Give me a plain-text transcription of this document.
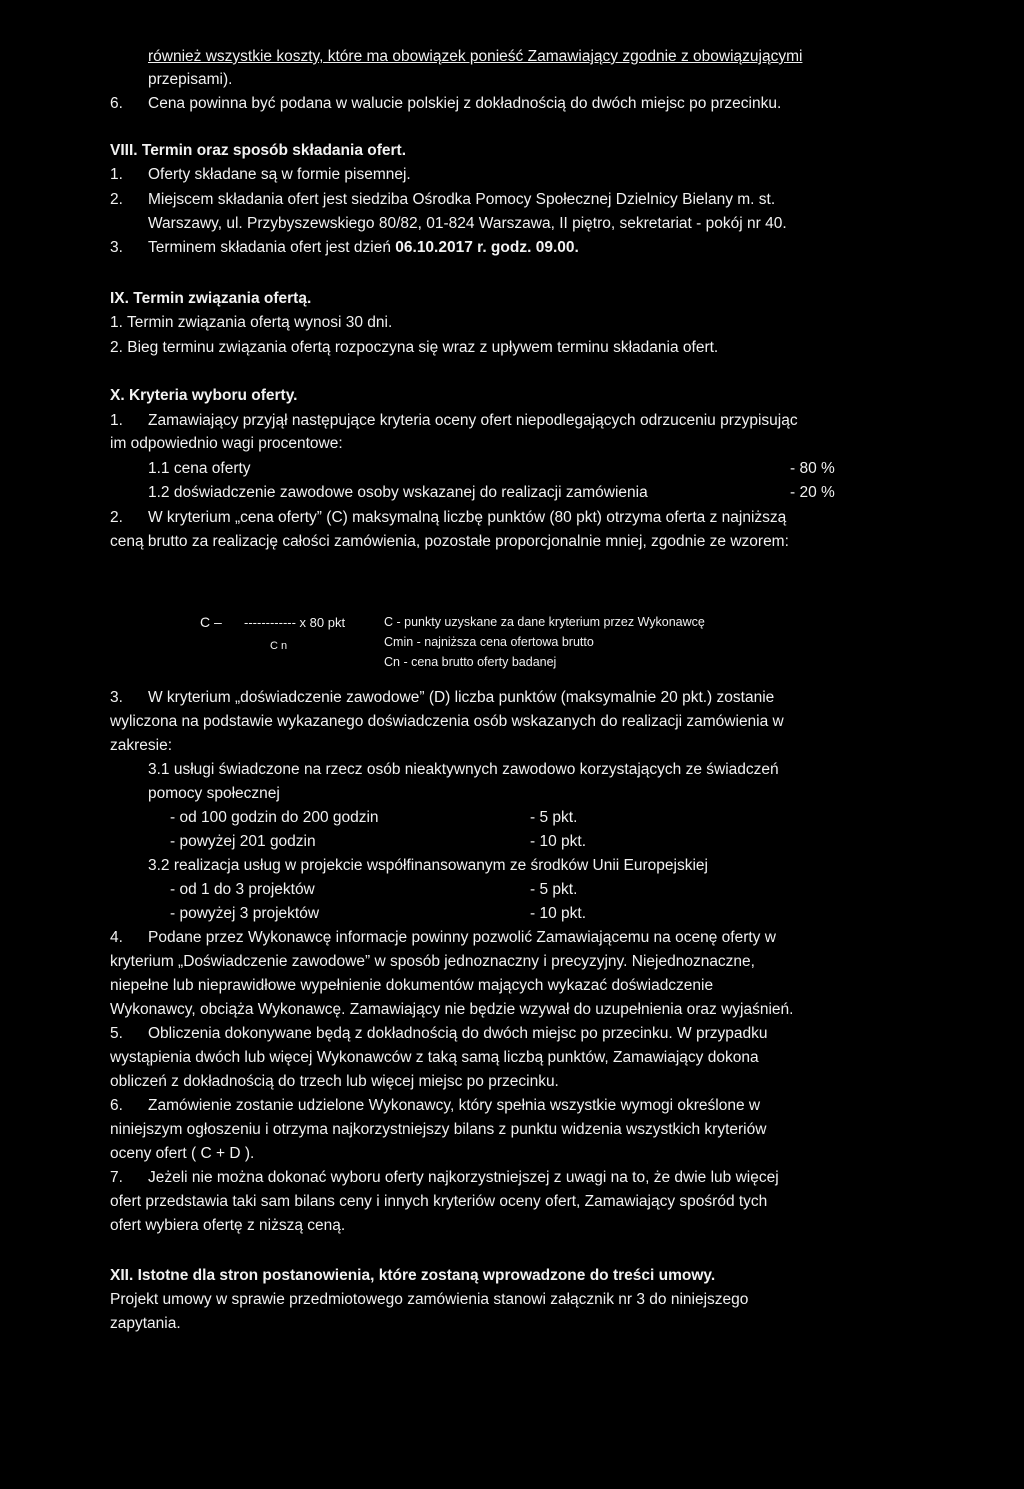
również wszystkie koszty, które ma obowiązek ponieść Zamawiający zgodnie z obowiązującymi
przepisami).
6. Cena powinna być podana w walucie polskiej z dokładnością do dwóch miejsc po przecinku.
VIII. Termin oraz sposób składania ofert.
1. Oferty składane są w formie pisemnej.
2. Miejscem składania ofert jest siedziba Ośrodka Pomocy Społecznej Dzielnicy Bielany m. st.
Warszawy, ul. Przybyszewskiego 80/82, 01-824 Warszawa, II piętro, sekretariat - pokój nr 40.
3. Terminem składania ofert jest dzień 06.10.2017 r. godz. 09.00.
IX. Termin związania ofertą.
1. Termin związania ofertą wynosi 30 dni.
2. Bieg terminu związania ofertą rozpoczyna się wraz z upływem terminu składania ofert.
X. Kryteria wyboru oferty.
1. Zamawiający przyjął następujące kryteria oceny ofert niepodlegających odrzuceniu przypisując
im odpowiednio wagi procentowe:
1.1 cena oferty	- 80 %
1.2 doświadczenie zawodowe osoby wskazanej do realizacji zamówienia	- 20 %
2. W kryterium „cena oferty” (C) maksymalną liczbę punktów (80 pkt) otrzyma oferta z najniższą
ceną brutto za realizację całości zamówienia, pozostałe proporcjonalnie mniej, zgodnie ze wzorem:
C – ------------ x 80 pkt
C n
C - punkty uzyskane za dane kryterium przez Wykonawcę
Cmin - najniższa cena ofertowa brutto
Cn - cena brutto oferty badanej
3. W kryterium „doświadczenie zawodowe” (D) liczba punktów (maksymalnie 20 pkt.) zostanie
wyliczona na podstawie wykazanego doświadczenia osób wskazanych do realizacji zamówienia w
zakresie:
3.1 usługi świadczone na rzecz osób nieaktywnych zawodowo korzystających ze świadczeń
pomocy społecznej
- od 100 godzin do 200 godzin	- 5 pkt.
- powyżej 201 godzin	- 10 pkt.
3.2 realizacja usług w projekcie współfinansowanym ze środków Unii Europejskiej
- od 1 do 3 projektów	- 5 pkt.
- powyżej 3 projektów	- 10 pkt.
4. Podane przez Wykonawcę informacje powinny pozwolić Zamawiającemu na ocenę oferty w
kryterium „Doświadczenie zawodowe” w sposób jednoznaczny i precyzyjny. Niejednoznaczne,
niepełne lub nieprawidłowe wypełnienie dokumentów mających wykazać doświadczenie
Wykonawcy, obciąża Wykonawcę. Zamawiający nie będzie wzywał do uzupełnienia oraz wyjaśnień.
5. Obliczenia dokonywane będą z dokładnością do dwóch miejsc po przecinku. W przypadku
wystąpienia dwóch lub więcej Wykonawców z taką samą liczbą punktów, Zamawiający dokona
obliczeń z dokładnością do trzech lub więcej miejsc po przecinku.
6. Zamówienie zostanie udzielone Wykonawcy, który spełnia wszystkie wymogi określone w
niniejszym ogłoszeniu i otrzyma najkorzystniejszy bilans z punktu widzenia wszystkich kryteriów
oceny ofert ( C + D ).
7. Jeżeli nie można dokonać wyboru oferty najkorzystniejszej z uwagi na to, że dwie lub więcej
ofert przedstawia taki sam bilans ceny i innych kryteriów oceny ofert, Zamawiający spośród tych
ofert wybiera ofertę z niższą ceną.
XII. Istotne dla stron postanowienia, które zostaną wprowadzone do treści umowy.
Projekt umowy w sprawie przedmiotowego zamówienia stanowi załącznik nr 3 do niniejszego
zapytania.
